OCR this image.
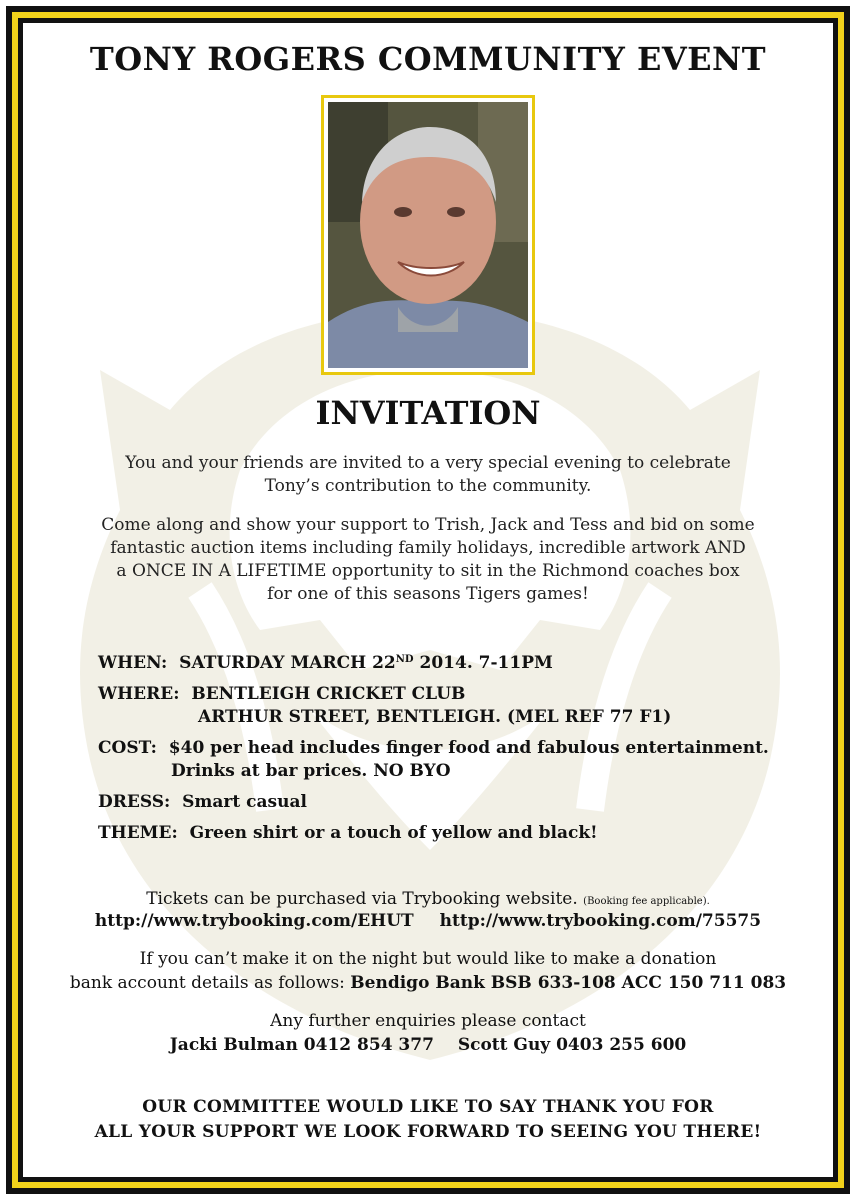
TONY ROGERS COMMUNITY EVENT
INVITATION
You and your friends are invited to a very special evening to celebrate
Tony’s contribution to the community.
Come along and show your support to Trish, Jack and Tess and bid on some
fantastic auction items including family holidays, incredible artwork AND
a ONCE IN A LIFETIME opportunity to sit in the Richmond coaches box
for one of this seasons Tigers games!
WHEN: SATURDAY MARCH 22ND 2014. 7-11PM
WHERE: BENTLEIGH CRICKET CLUB
ARTHUR STREET, BENTLEIGH. (MEL REF 77 F1)
COST: $40 per head includes finger food and fabulous entertainment.
Drinks at bar prices. NO BYO
DRESS: Smart casual
THEME: Green shirt or a touch of yellow and black!
Tickets can be purchased via Trybooking website. (Booking fee applicable).
http://www.trybooking.com/EHUT http://www.trybooking.com/75575
If you can’t make it on the night but would like to make a donation
bank account details as follows: Bendigo Bank BSB 633-108 ACC 150 711 083
Any further enquiries please contact
Jacki Bulman 0412 854 377 Scott Guy 0403 255 600
OUR COMMITTEE WOULD LIKE TO SAY THANK YOU FOR
ALL YOUR SUPPORT WE LOOK FORWARD TO SEEING YOU THERE!
